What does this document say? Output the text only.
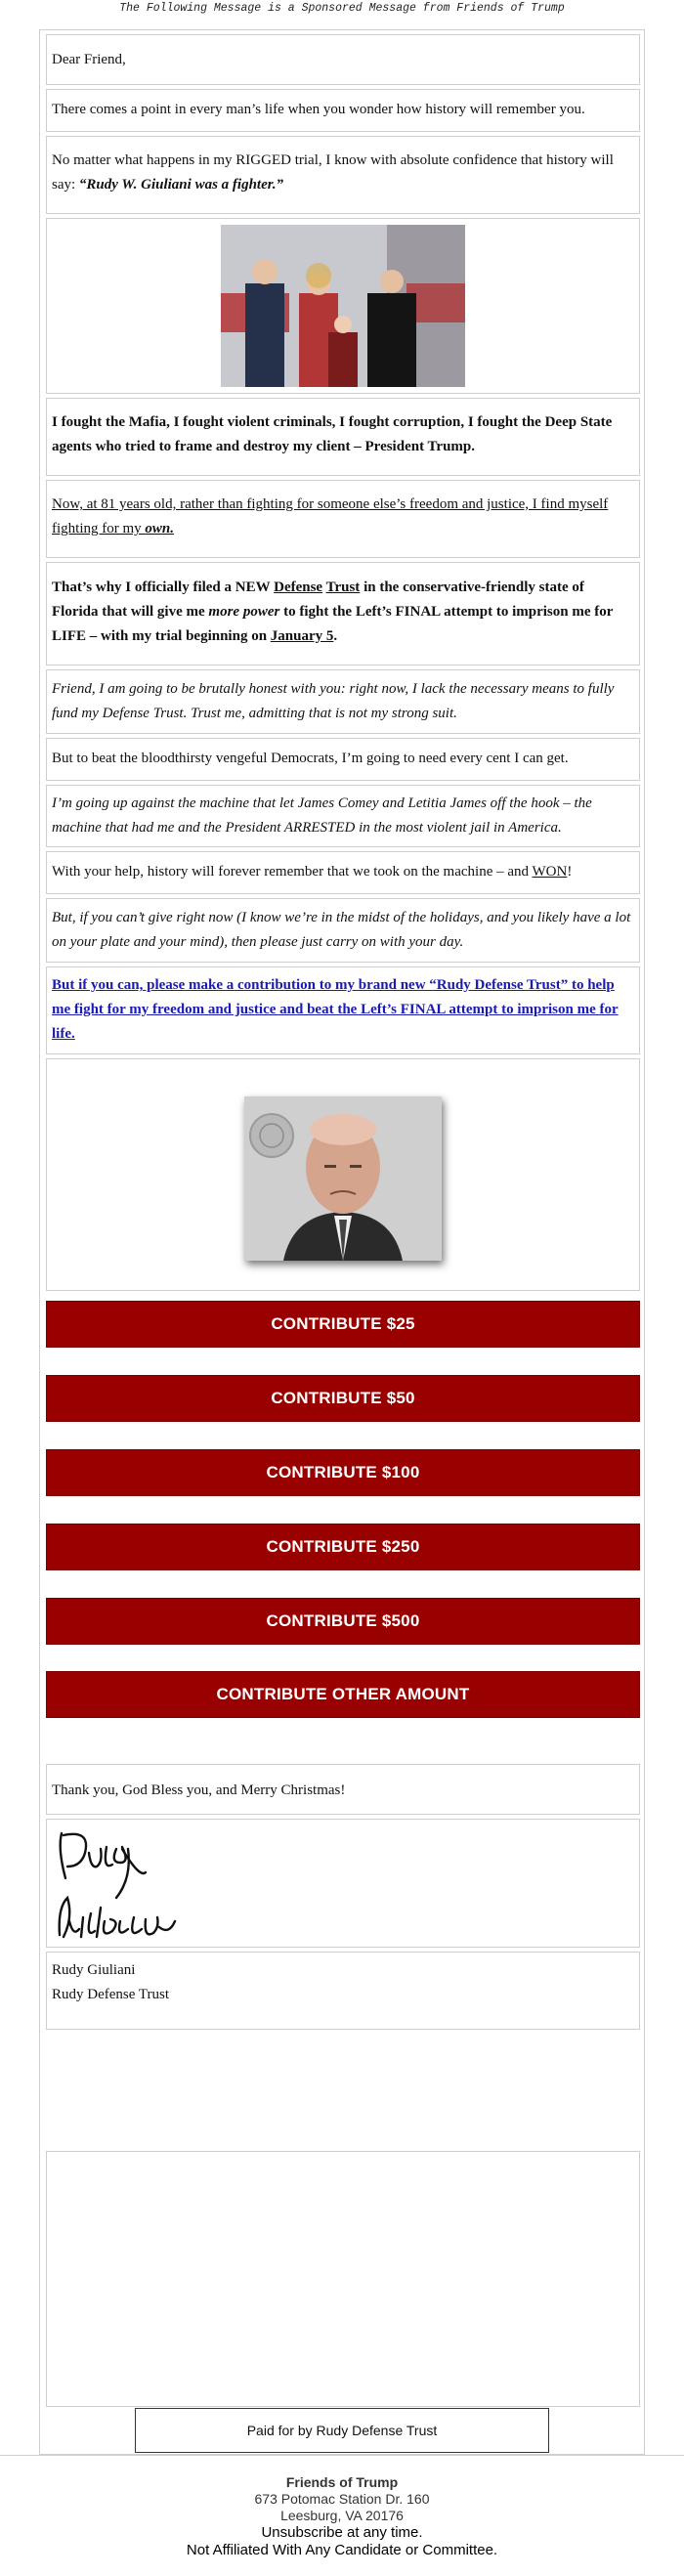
The Following Message is a Sponsored Message from Friends of Trump

Dear Friend,

There comes a point in every man’s life when you wonder how history will remember you.

No matter what happens in my RIGGED trial, I know with absolute confidence that history will say: “Rudy W. Giuliani was a fighter.”

I fought the Mafia, I fought violent criminals, I fought corruption, I fought the Deep State agents who tried to frame and destroy my client – President Trump.

Now, at 81 years old, rather than fighting for someone else’s freedom and justice, I find myself fighting for my own.

That’s why I officially filed a NEW Defense Trust in the conservative-friendly state of Florida that will give me more power to fight the Left’s FINAL attempt to imprison me for LIFE – with my trial beginning on January 5.

Friend, I am going to be brutally honest with you: right now, I lack the necessary means to fully fund my Defense Trust. Trust me, admitting that is not my strong suit.

But to beat the bloodthirsty vengeful Democrats, I’m going to need every cent I can get.

I’m going up against the machine that let James Comey and Letitia James off the hook – the machine that had me and the President ARRESTED in the most violent jail in America.

With your help, history will forever remember that we took on the machine – and WON!

But, if you can’t give right now (I know we’re in the midst of the holidays, and you likely have a lot on your plate and your mind), then please just carry on with your day.

But if you can, please make a contribution to my brand new “Rudy Defense Trust” to help me fight for my freedom and justice and beat the Left’s FINAL attempt to imprison me for life.

CONTRIBUTE $25
CONTRIBUTE $50
CONTRIBUTE $100
CONTRIBUTE $250
CONTRIBUTE $500
CONTRIBUTE OTHER AMOUNT

Thank you, God Bless you, and Merry Christmas!

Rudy Giuliani

Rudy Defense Trust

Paid for by Rudy Defense Trust
Friends of Trump
673 Potomac Station Dr. 160
Leesburg, VA 20176
Unsubscribe at any time.
Not Affiliated With Any Candidate or Committee.
